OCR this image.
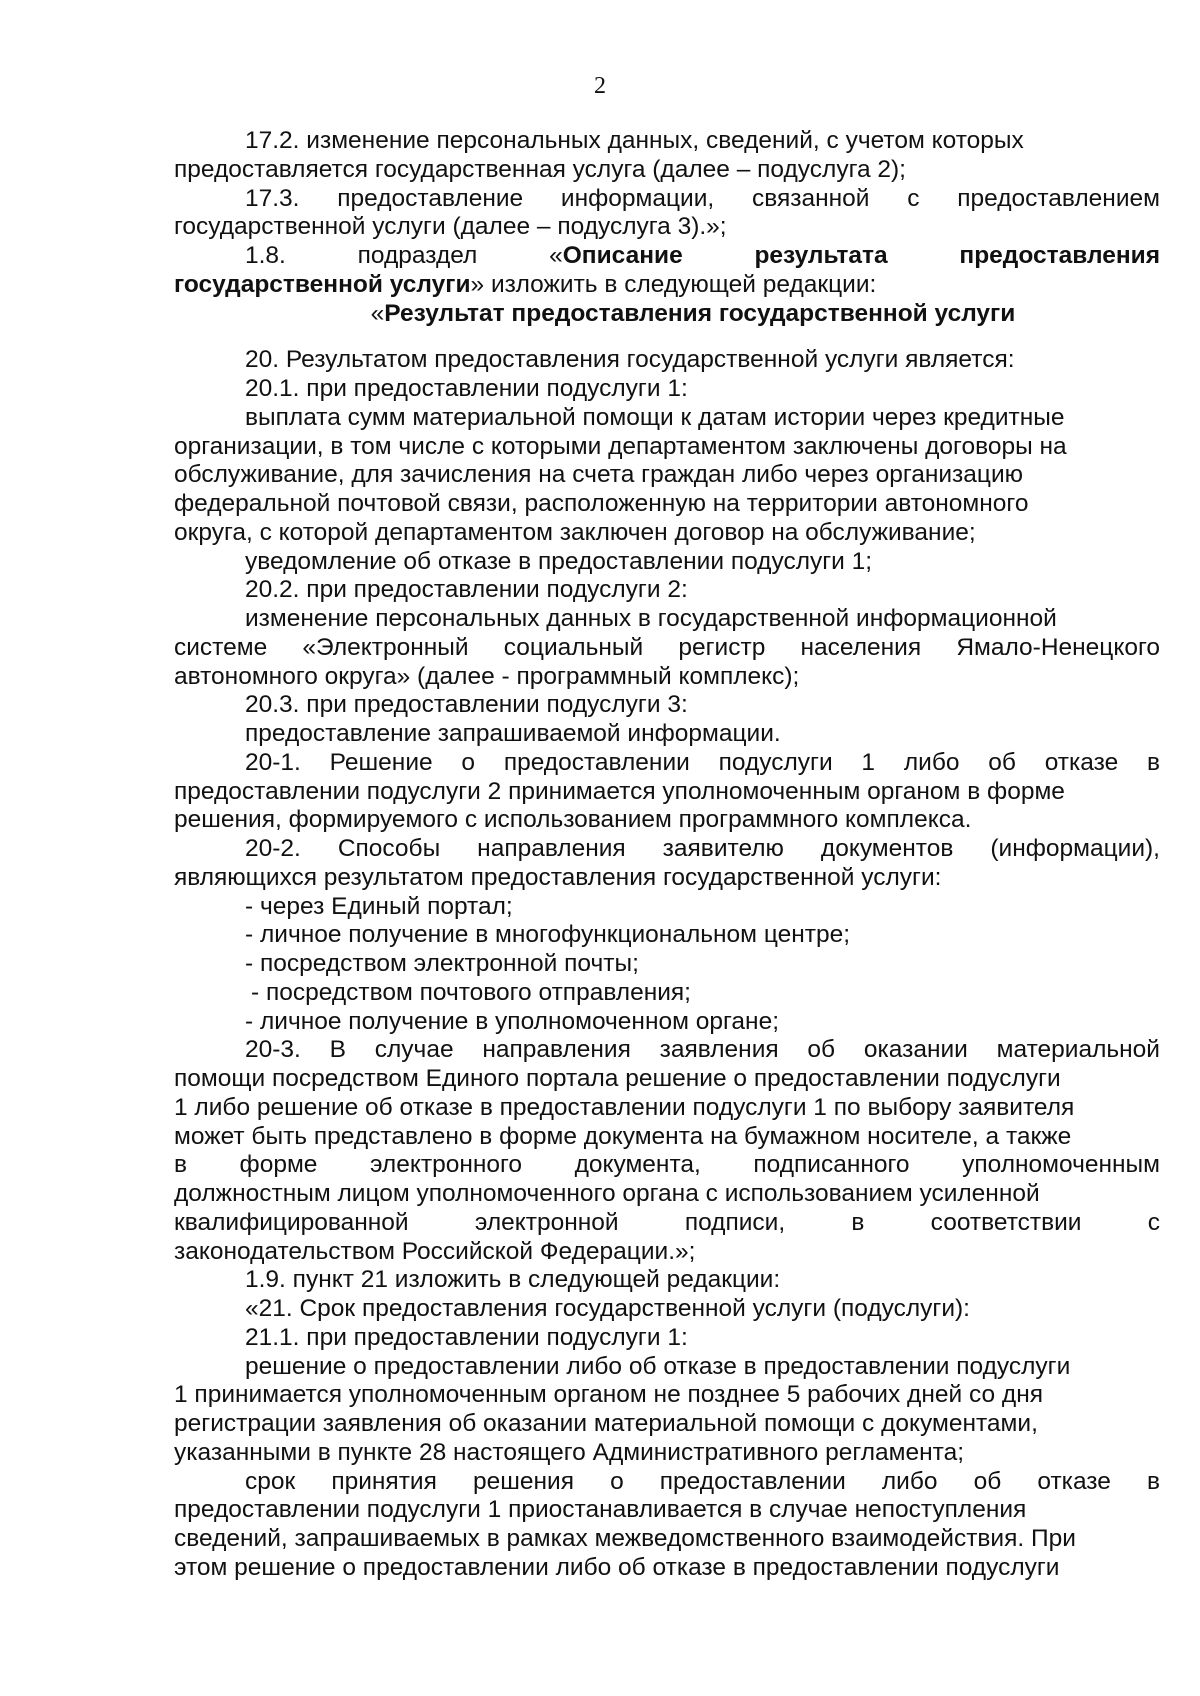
2
17.2. изменение персональных данных, сведений, с учетом которых
предоставляется государственная услуга (далее – подуслуга 2);
17.3. предоставление информации, связанной с предоставлением
государственной услуги (далее – подуслуга 3).»;
1.8. подраздел «Описание результата предоставления
государственной услуги» изложить в следующей редакции:
«Результат предоставления государственной услуги
20. Результатом предоставления государственной услуги является:
20.1. при предоставлении подуслуги 1:
выплата сумм материальной помощи к датам истории через кредитные
организации, в том числе с которыми департаментом заключены договоры на
обслуживание, для зачисления на счета граждан либо через организацию
федеральной почтовой связи, расположенную на территории автономного
округа, с которой департаментом заключен договор на обслуживание;
уведомление об отказе в предоставлении подуслуги 1;
20.2. при предоставлении подуслуги 2:
изменение персональных данных в государственной информационной
системе «Электронный социальный регистр населения Ямало-Ненецкого
автономного округа» (далее - программный комплекс);
20.3. при предоставлении подуслуги 3:
предоставление запрашиваемой информации.
20-1. Решение о предоставлении подуслуги 1 либо об отказе в
предоставлении подуслуги 2 принимается уполномоченным органом в форме
решения, формируемого с использованием программного комплекса.
20-2. Способы направления заявителю документов (информации),
являющихся результатом предоставления государственной услуги:
- через Единый портал;
- личное получение в многофункциональном центре;
- посредством электронной почты;
- посредством почтового отправления;
- личное получение в уполномоченном органе;
20-3. В случае направления заявления об оказании материальной
помощи посредством Единого портала решение о предоставлении подуслуги
1 либо решение об отказе в предоставлении подуслуги 1 по выбору заявителя
может быть представлено в форме документа на бумажном носителе, а также
в форме электронного документа, подписанного уполномоченным
должностным лицом уполномоченного органа с использованием усиленной
квалифицированной электронной подписи, в соответствии с
законодательством Российской Федерации.»;
1.9. пункт 21 изложить в следующей редакции:
«21. Срок предоставления государственной услуги (подуслуги):
21.1. при предоставлении подуслуги 1:
решение о предоставлении либо об отказе в предоставлении подуслуги
1 принимается уполномоченным органом не позднее 5 рабочих дней со дня
регистрации заявления об оказании материальной помощи с документами,
указанными в пункте 28 настоящего Административного регламента;
срок принятия решения о предоставлении либо об отказе в
предоставлении подуслуги 1 приостанавливается в случае непоступления
сведений, запрашиваемых в рамках межведомственного взаимодействия. При
этом решение о предоставлении либо об отказе в предоставлении подуслуги
